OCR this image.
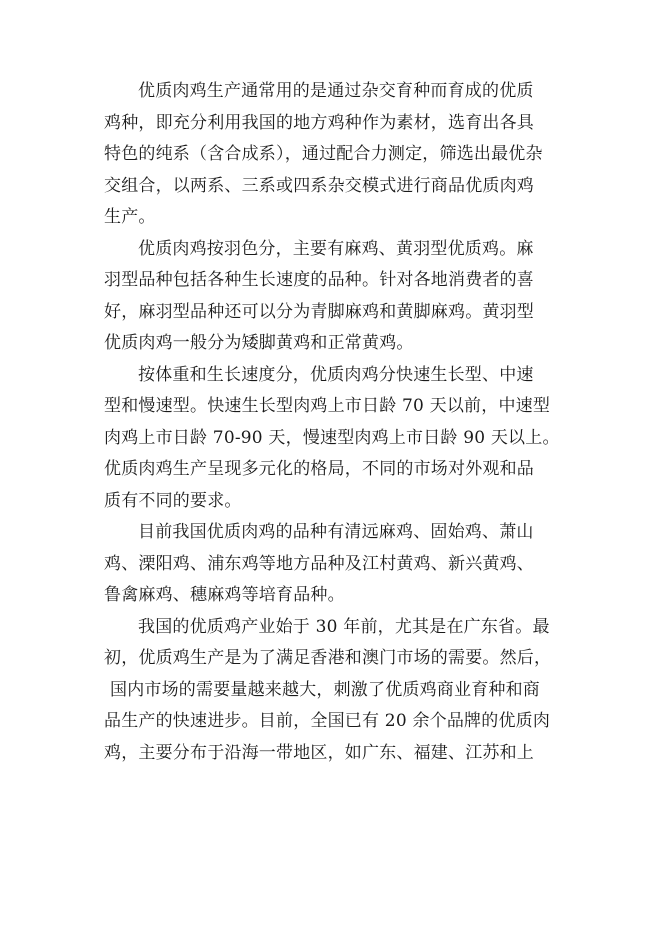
优质肉鸡生产通常用的是通过杂交育种而育成的优质
鸡种，即充分利用我国的地方鸡种作为素材，选育出各具
特色的纯系（含合成系），通过配合力测定，筛选出最优杂
交组合，以两系、三系或四系杂交模式进行商品优质肉鸡
生产。

优质肉鸡按羽色分，主要有麻鸡、黄羽型优质鸡。麻
羽型品种包括各种生长速度的品种。针对各地消费者的喜
好，麻羽型品种还可以分为青脚麻鸡和黄脚麻鸡。黄羽型
优质肉鸡一般分为矮脚黄鸡和正常黄鸡。

按体重和生长速度分，优质肉鸡分快速生长型、中速
型和慢速型。快速生长型肉鸡上市日龄 70 天以前，中速型
肉鸡上市日龄 70-90 天，慢速型肉鸡上市日龄 90 天以上。
优质肉鸡生产呈现多元化的格局，不同的市场对外观和品
质有不同的要求。

目前我国优质肉鸡的品种有清远麻鸡、固始鸡、萧山
鸡、溧阳鸡、浦东鸡等地方品种及江村黄鸡、新兴黄鸡、
鲁禽麻鸡、穗麻鸡等培育品种。

我国的优质鸡产业始于 30 年前，尤其是在广东省。最
初，优质鸡生产是为了满足香港和澳门市场的需要。然后，
国内市场的需要量越来越大，刺激了优质鸡商业育种和商
品生产的快速进步。目前，全国已有 20 余个品牌的优质肉
鸡，主要分布于沿海一带地区，如广东、福建、江苏和上
